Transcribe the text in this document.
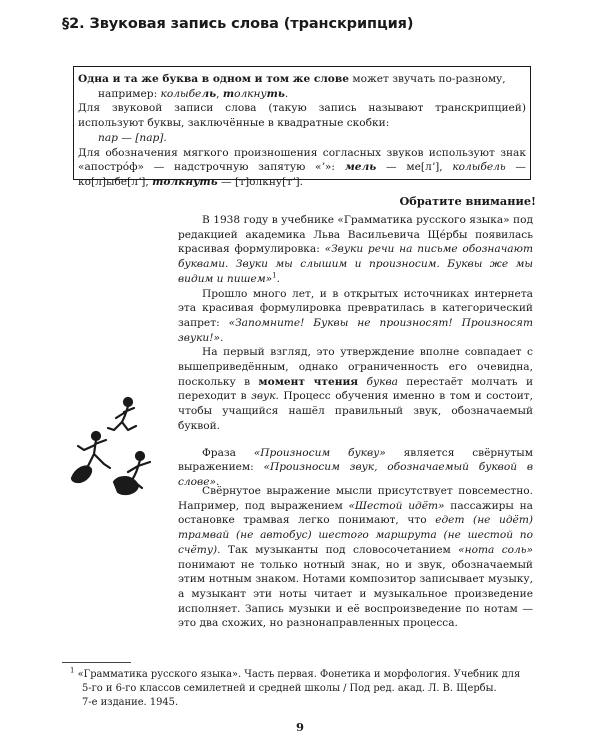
§2. Звуковая запись слова (транскрипция)
Одна и та же буква в одном и том же слове может звучать по-разному,
например: колыбель, толкнуть.
Для звуковой записи слова (такую запись называют транскрипцией) используют буквы, заключённые в квадратные скобки:
пар — [пар].
Для обозначения мягкого произношения согласных звуков используют знак «апостро́ф» — надстрочную запятую «ʼ»: мель — ме[лʼ], колыбель — ко[л]ыбе[лʼ], толкнуть — [т]олкну[тʼ].
Обратите внимание!

В 1938 году в учебнике «Грамматика русского языка» под редакцией академика Льва Васильевича Ще́рбы появилась красивая формулировка: «Звуки речи на письме обозначают буквами. Звуки мы слышим и произносим. Буквы же мы видим и пишем»$^1$.

Прошло много лет, и в открытых источниках интернета эта красивая формулировка превратилась в категорический запрет: «Запомните! Буквы не произносят! Произносят звуки!».

На первый взгляд, это утверждение вполне совпадает с вышеприведённым, однако ограниченность его очевидна, поскольку в момент чтения буква перестаёт молчать и переходит в звук. Процесс обучения именно в том и состоит, чтобы учащийся нашёл правильный звук, обозначаемый буквой.

Фраза «Произносим букву» является свёрнутым выражением: «Произносим звук, обозначаемый буквой в слове».

Свёрнутое выражение мысли присутствует повсеместно. Например, под выражением «Шестой идёт» пассажиры на остановке трамвая легко понимают, что едет (не идёт) трамвай (не автобус) шестого маршрута (не шестой по счёту). Так музыканты под словосочетанием «нота соль» понимают не только нотный знак, но и звук, обозначаемый этим нотным знаком. Нотами композитор записывает музыку, а музыкант эти ноты читает и музыкальное произведение исполняет. Запись музыки и её воспроизведение по нотам — это два схожих, но разнонаправленных процесса.

$^1$ «Грамматика русского языка». Часть первая. Фонетика и морфология. Учебник для
5-го и 6-го классов семилетней и средней школы / Под ред. акад. Л. В. Щербы.
7-е издание. 1945.
9
